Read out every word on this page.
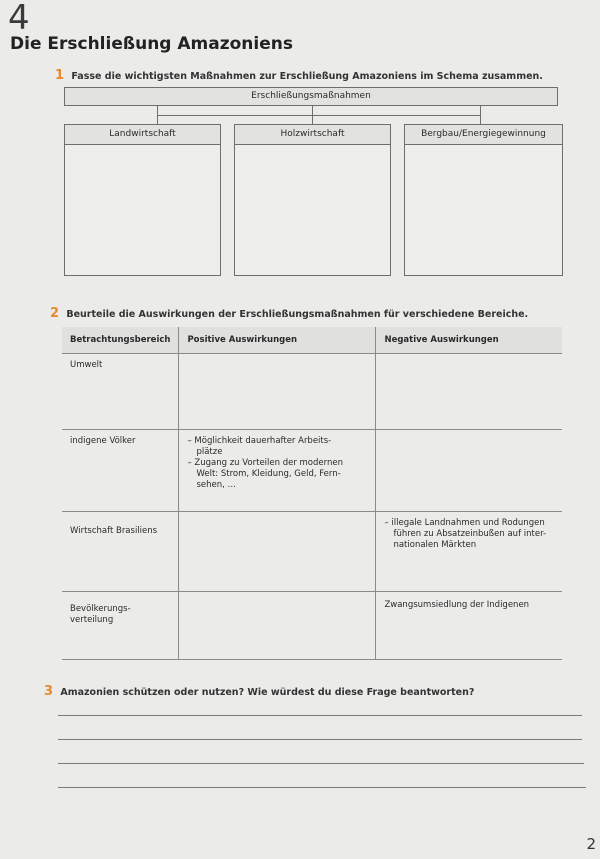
4
Die Erschließung Amazoniens
1 Fasse die wichtigsten Maßnahmen zur Erschließung Amazoniens im Schema zusammen.
Erschließungsmaßnahmen
Landwirtschaft	Holzwirtschaft	Bergbau/Energiegewinnung
2 Beurteile die Auswirkungen der Erschließungsmaßnahmen für verschiedene Bereiche.
Betrachtungsbereich	Positive Auswirkungen	Negative Auswirkungen
Umwelt		
indigene Völker	– Möglichkeit dauerhafter Arbeits-
plätze
– Zugang zu Vorteilen der modernen
Welt: Strom, Kleidung, Geld, Fern-
sehen, …	

Wirtschaft Brasiliens		– illegale Landnahmen und Rodungen
führen zu Absatzeinbußen auf inter-
nationalen Märkten

Bevölkerungs-
verteilung		Zwangsumsiedlung der Indigenen
3 Amazonien schützen oder nutzen? Wie würdest du diese Frage beantworten?
2
